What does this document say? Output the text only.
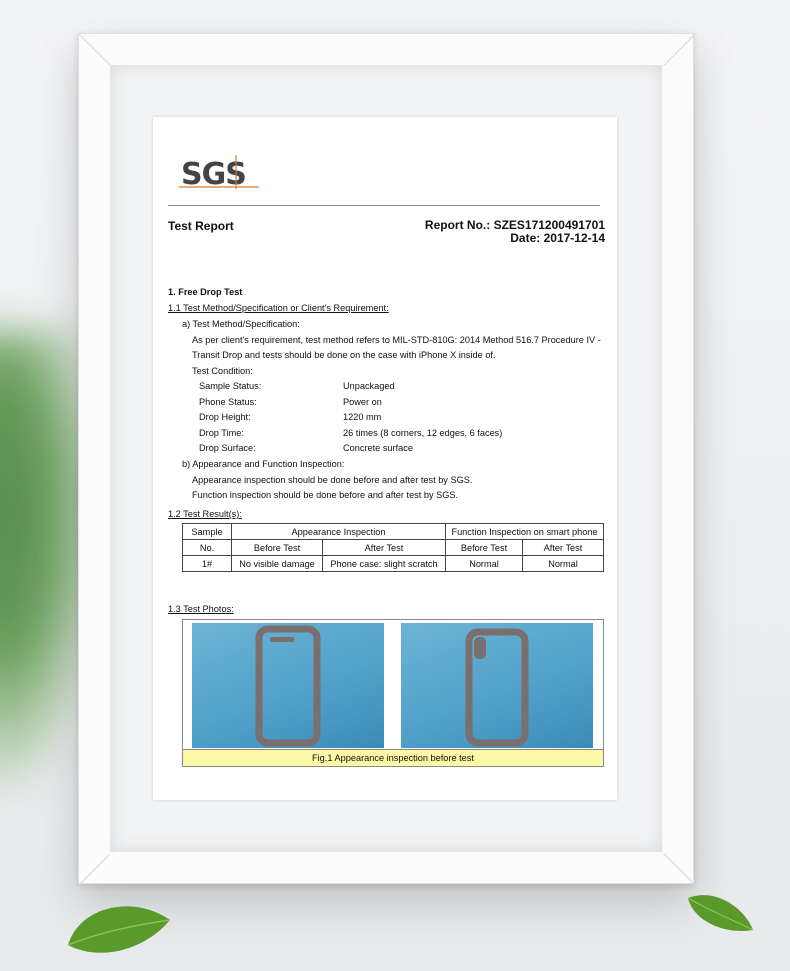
SGS
Test Report	Report No.: SZES171200491701
Date: 2017-12-14
1. Free Drop Test
1.1 Test Method/Specification or Client's Requirement:
a) Test Method/Specification:
As per client's requirement, test method refers to MIL-STD-810G: 2014 Method 516.7 Procedure IV -
Transit Drop and tests should be done on the case with iPhone X inside of.
Test Condition:
Sample Status:	Unpackaged
Phone Status:	Power on
Drop Height:	1220 mm
Drop Time:	26 times (8 corners, 12 edges, 6 faces)
Drop Surface:	Concrete surface
b) Appearance and Function Inspection:
Appearance inspection should be done before and after test by SGS.
Function inspection should be done before and after test by SGS.
1.2 Test Result(s):
Sample	Appearance Inspection		Function Inspection on smart phone	
No.	Before Test	After Test	Before Test	After Test
1#	No visible damage	Phone case: slight scratch	Normal	Normal
1.3 Test Photos:
Fig.1 Appearance inspection before test
